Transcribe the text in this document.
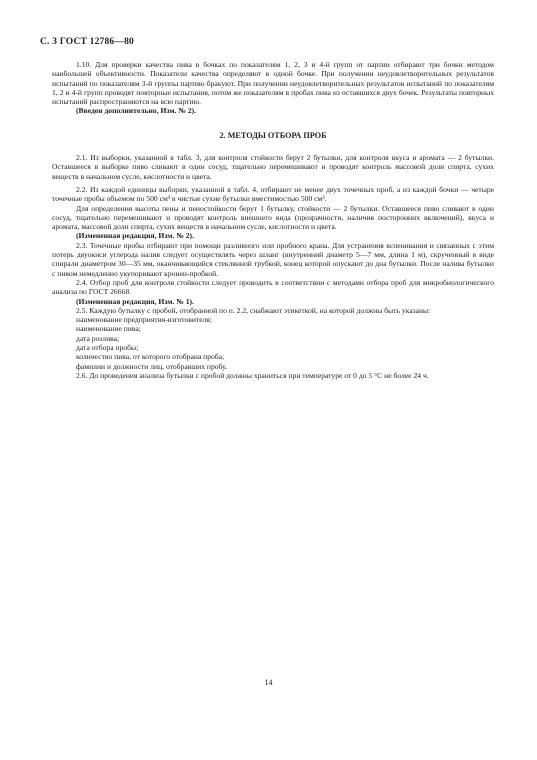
С. 3 ГОСТ 12786—80

1.10. Для проверки качества пива в бочках по показателям 1, 2, 3 и 4-й групп от партии отбирают три бочки методом наибольшей объективности. Показатели качества определяют в одной бочке. При получении неудовлетворительных результатов испытаний по показателям 3-й группы партию бракуют. При получении неудовлетворительных результатов испытаний по показателям 1, 2 и 4-й групп проводят повторные испытания, потом же показателям в пробах пива из оставшихся двух бочек. Результаты повторных испытаний распространяются на всю партию.

(Введен дополнительно, Изм. № 2).

2. МЕТОДЫ ОТБОРА ПРОБ

2.1. Из выборки, указанной в табл. 3, для контроля стойкости берут 2 бутылки, для контроля вкуса и аромата — 2 бутылки. Оставшееся в выборке пиво сливают в один сосуд, тщательно перемешивают и проводят контроль массовой доли спирта, сухих веществ в начальном сусле, кислотности и цвета.

2.2. Из каждой единицы выборки, указанной в табл. 4, отбирают не менее двух точечных проб, а из каждой бочки — четыре точечные пробы объемом по 500 см³ в чистые сухие бутылки вместимостью 500 см³.

Для определения высоты пены и пеностойкости берут 1 бутылку, стойкости — 2 бутылки. Оставшееся пиво сливают в один сосуд, тщательно перемешивают и проводят контроль внешнего вида (прозрачности, наличия посторонних включений), вкуса и аромата, массовой доли спирта, сухих веществ в начальном сусле, кислотности и цвета.

(Измененная редакция, Изм. № 2).

2.3. Точечные пробы отбирают при помощи разливного или пробного крана. Для устранения вспенивания и связанных с этим потерь двуокиси углерода налив следует осуществлять через шланг (внутренний диаметр 5—7 мм, длина 1 м), скрученный в виде спирали диаметром 30—35 мм, оканчивающийся стеклянной трубкой, конец которой опускают до дна бутылки. После налива бутылки с пивом немедленно укупоривают кронен-пробкой.

2.4. Отбор проб для контроля стойкости следует проводить в соответствии с методами отбора проб для микробиологического анализа по ГОСТ 26668.

(Измененная редакция, Изм. № 1).

2.5. Каждую бутылку с пробой, отобранной по п. 2.2, снабжают этикеткой, на которой должны быть указаны:

наименование предприятия-изготовителя;

наименование пива;

дата розлива;

дата отбора пробы;

количество пива, от которого отобрана проба;

фамилии и должности лиц, отобравших пробу.

2.6. До проведения анализа бутылки с пробой должны храниться при температуре от 0 до 5 °С не более 24 ч.

14
